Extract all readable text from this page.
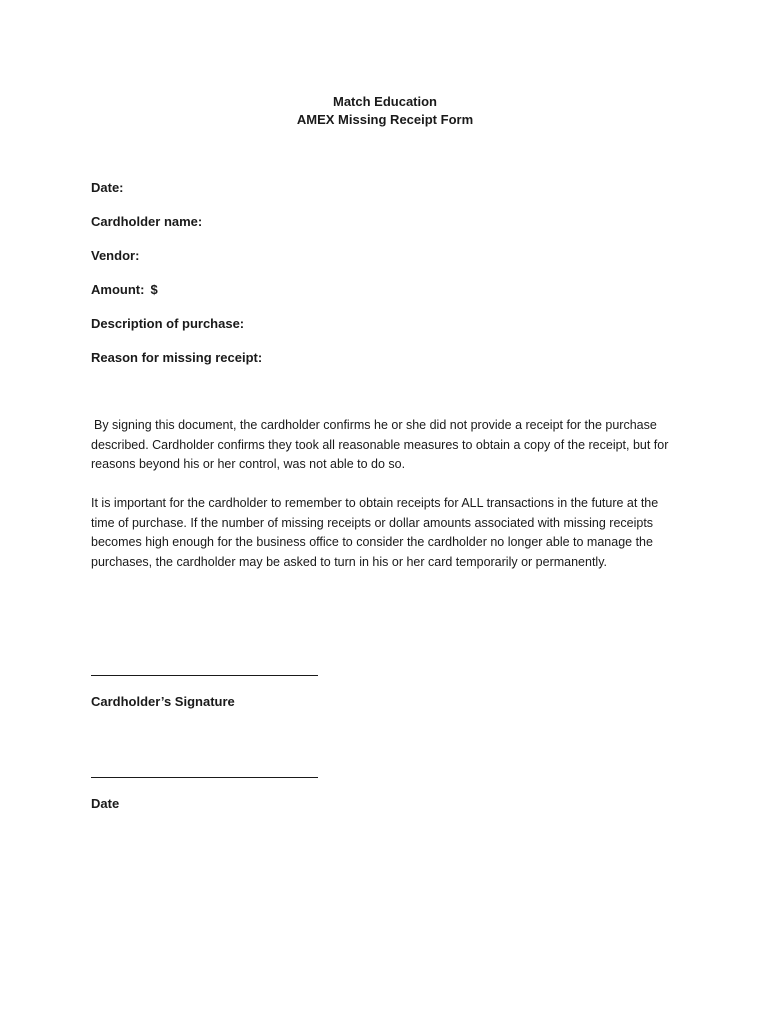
Match Education
AMEX Missing Receipt Form
Date:
Cardholder name:
Vendor:
Amount: $
Description of purchase:
Reason for missing receipt:

By signing this document, the cardholder confirms he or she did not provide a receipt for the purchase described. Cardholder confirms they took all reasonable measures to obtain a copy of the receipt, but for reasons beyond his or her control, was not able to do so.

It is important for the cardholder to remember to obtain receipts for ALL transactions in the future at the time of purchase. If the number of missing receipts or dollar amounts associated with missing receipts becomes high enough for the business office to consider the cardholder no longer able to manage the purchases, the cardholder may be asked to turn in his or her card temporarily or permanently.

Cardholder’s Signature
Date
